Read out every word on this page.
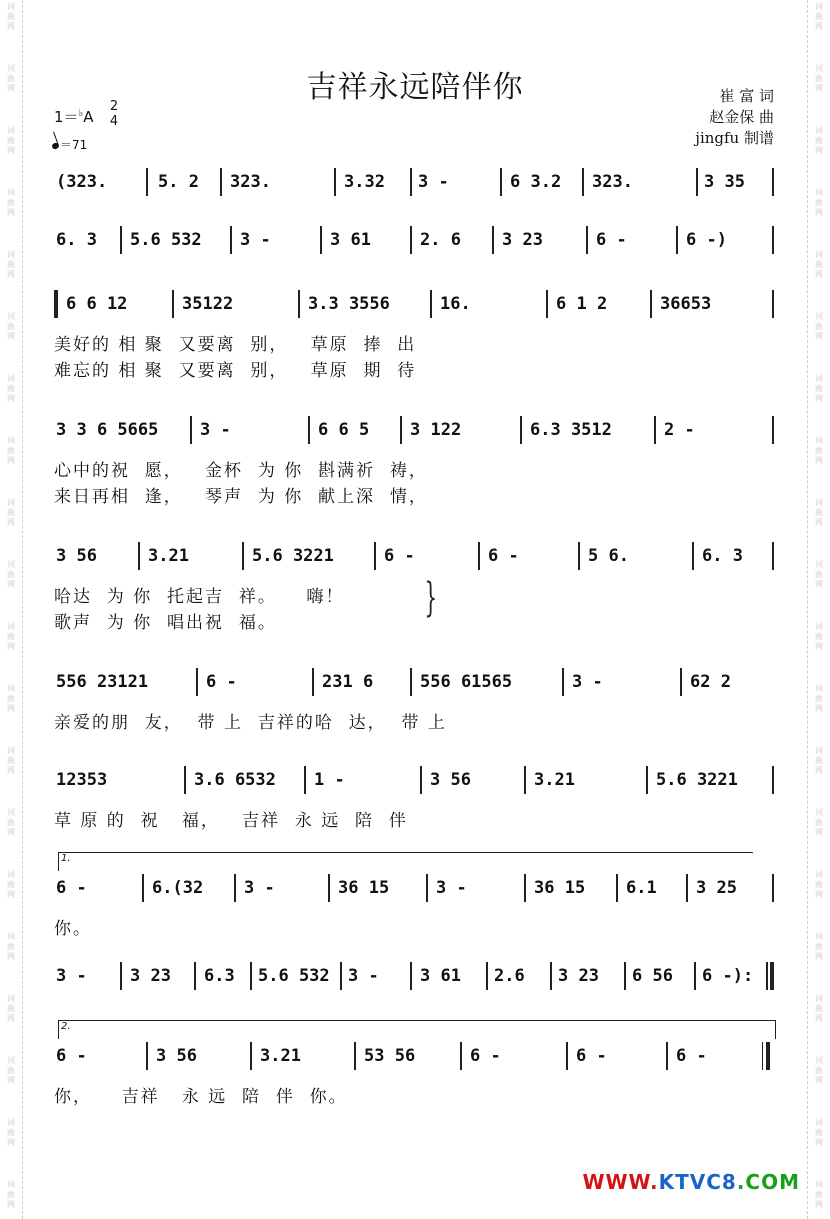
词
曲
网
词
曲
网
词
曲
网
词
曲
网
词
曲
网
词
曲
网
词
曲
网
词
曲
网
词
曲
网
词
曲
网
词
曲
网
词
曲
网
词
曲
网
词
曲
网
词
曲
网
词
曲
网
词
曲
网
词
曲
网
词
曲
网
词
曲
网
词
曲
网
词
曲
网
词
曲
网
词
曲
网
词
曲
网
词
曲
网
词
曲
网
词
曲
网
词
曲
网
词
曲
网
词
曲
网
词
曲
网
词
曲
网
词
曲
网
词
曲
网
词
曲
网
词
曲
网
词
曲
网
词
曲
网
词
曲
网
吉祥永远陪伴你	崔 富 词
赵金保 曲
jingfu 制谱
1＝♭A
2
4
＝71
(323.	5. 2 323.	3.32 3 -	6 3.2 323.	3 35
6. 3 5.6 532 3 -	3 61	2. 6 3 23	6 -	6 -)
6 6 12	35122	3.3 3556	16.	6 1 2	36653
美好的 相 聚  又要离  别，   草原  捧  出
难忘的 相 聚  又要离  别，   草原  期  待
3 3 6 5665 3 -	6 6 5 3 122	6.3 3512	2 -
心中的祝  愿，   金杯  为 你  斟满祈  祷，
来日再相  逢，   琴声  为 你  献上深  情，
3 56	3.21	5.6 3221	6 -	6 -	5 6.	6. 3
哈达  为 你  托起吉  祥。    嗨！
歌声  为 你  唱出祝  福。
}
556 23121	6 -	231 6	556 61565	3 -	62 2
亲爱的朋  友，  带 上  吉祥的哈  达，  带 上
12353	3.6 6532 1 -	3 56	3.21	5.6 3221
草 原 的  祝   福，   吉祥  永 远  陪  伴
1.
6 -	6.(32 3 -	36 15	3 -	36 15 6.1 3 25
你。
3 -	3 23 6.3 5.6 532 3 - 3 61 2.6 3 23 6 56 6 -):
2.
6 -	3 56	3.21	53 56	6 -	6 -	6 -
你，    吉祥   永 远  陪  伴  你。
WWW.KTVC8.COM
